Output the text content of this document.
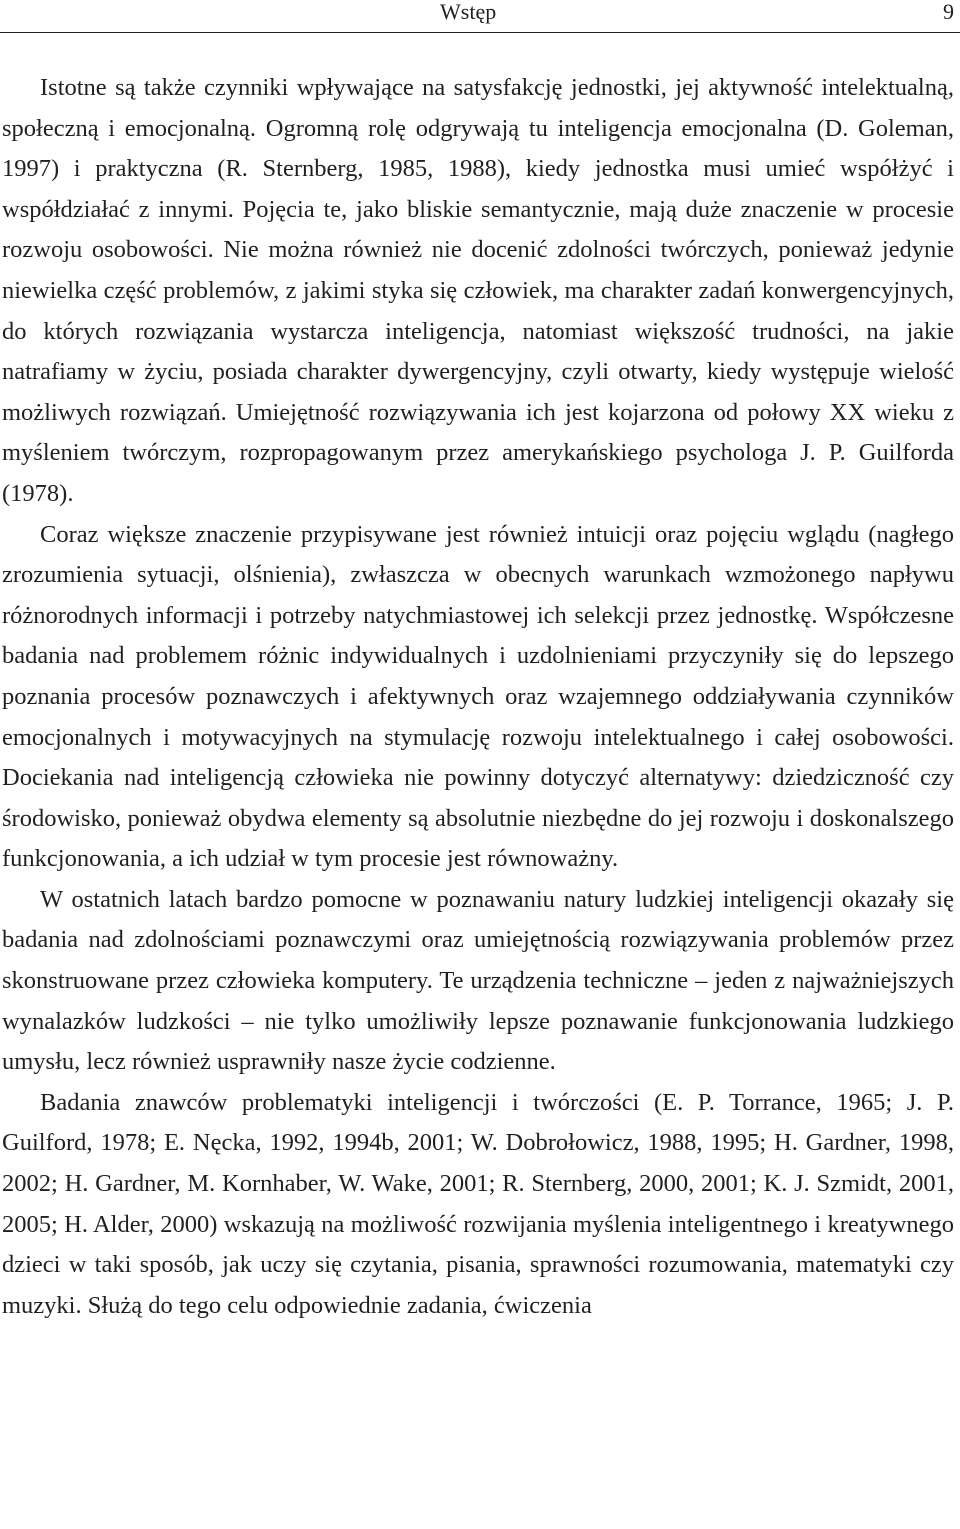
Wstęp	9

Istotne są także czynniki wpływające na satysfakcję jednostki, jej aktywność intelektualną, społeczną i emocjonalną. Ogromną rolę odgrywają tu inteligencja emocjonalna (D. Goleman, 1997) i praktyczna (R. Sternberg, 1985, 1988), kiedy jednostka musi umieć współżyć i współdziałać z innymi. Pojęcia te, jako bliskie semantycznie, mają duże znaczenie w procesie rozwoju osobowości. Nie można również nie docenić zdolności twórczych, ponieważ jedynie niewielka część problemów, z jakimi styka się człowiek, ma charakter zadań konwergencyjnych, do których rozwiązania wystarcza inteligencja, natomiast większość trudności, na jakie natrafiamy w życiu, posiada charakter dywergencyjny, czyli otwarty, kiedy występuje wielość możliwych rozwiązań. Umiejętność rozwiązywania ich jest kojarzona od połowy XX wieku z myśleniem twórczym, rozpropagowanym przez amerykańskiego psychologa J. P. Guilforda (1978).

Coraz większe znaczenie przypisywane jest również intuicji oraz pojęciu wglądu (nagłego zrozumienia sytuacji, olśnienia), zwłaszcza w obecnych warunkach wzmożonego napływu różnorodnych informacji i potrzeby natychmiastowej ich selekcji przez jednostkę. Współczesne badania nad problemem różnic indywidualnych i uzdolnieniami przyczyniły się do lepszego poznania procesów poznawczych i afektywnych oraz wzajemnego oddziaływania czynników emocjonalnych i motywacyjnych na stymulację rozwoju intelektualnego i całej osobowości. Dociekania nad inteligencją człowieka nie powinny dotyczyć alternatywy: dziedziczność czy środowisko, ponieważ obydwa elementy są absolutnie niezbędne do jej rozwoju i doskonalszego funkcjonowania, a ich udział w tym procesie jest równoważny.

W ostatnich latach bardzo pomocne w poznawaniu natury ludzkiej inteligencji okazały się badania nad zdolnościami poznawczymi oraz umiejętnością rozwiązywania problemów przez skonstruowane przez człowieka komputery. Te urządzenia techniczne – jeden z najważniejszych wynalazków ludzkości – nie tylko umożliwiły lepsze poznawanie funkcjonowania ludzkiego umysłu, lecz również usprawniły nasze życie codzienne.

Badania znawców problematyki inteligencji i twórczości (E. P. Torrance, 1965; J. P. Guilford, 1978; E. Nęcka, 1992, 1994b, 2001; W. Dobrołowicz, 1988, 1995; H. Gardner, 1998, 2002; H. Gardner, M. Kornhaber, W. Wake, 2001; R. Sternberg, 2000, 2001; K. J. Szmidt, 2001, 2005; H. Alder, 2000) wskazują na możliwość rozwijania myślenia inteligentnego i kreatywnego dzieci w taki sposób, jak uczy się czytania, pisania, sprawności rozumowania, matematyki czy muzyki. Służą do tego celu odpowiednie zadania, ćwiczenia
